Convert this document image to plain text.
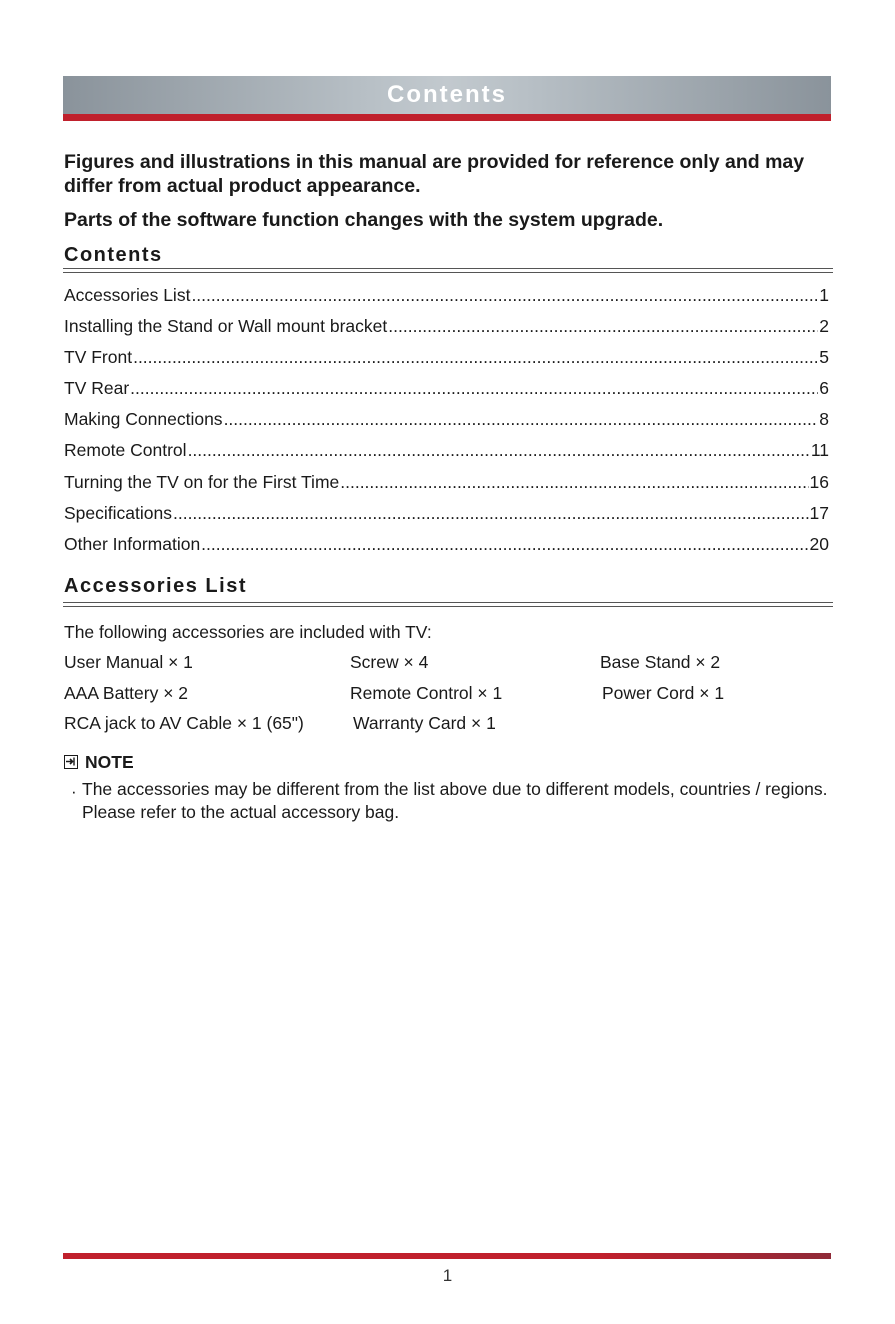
Contents
Figures and illustrations in this manual are provided for reference only and may differ from actual product appearance.
Parts of the software function changes with the system upgrade.
Contents
Accessories List .....	1
Installing the Stand or Wall mount bracket .....	2
TV Front .....	5
TV Rear .....	6
Making Connections .....	8
Remote Control .....	11
Turning the TV on for the First Time .....	16
Specifications .....	17
Other Information .....	20
Accessories List
The following accessories are included with TV:
User Manual × 1	Screw × 4	Base Stand × 2
AAA Battery × 2	Remote Control × 1	Power Cord × 1
RCA jack to AV Cable × 1 (65")	Warranty Card × 1
NOTE
· The accessories may be different from the list above due to different models, countries / regions. Please refer to the actual accessory bag.
1
